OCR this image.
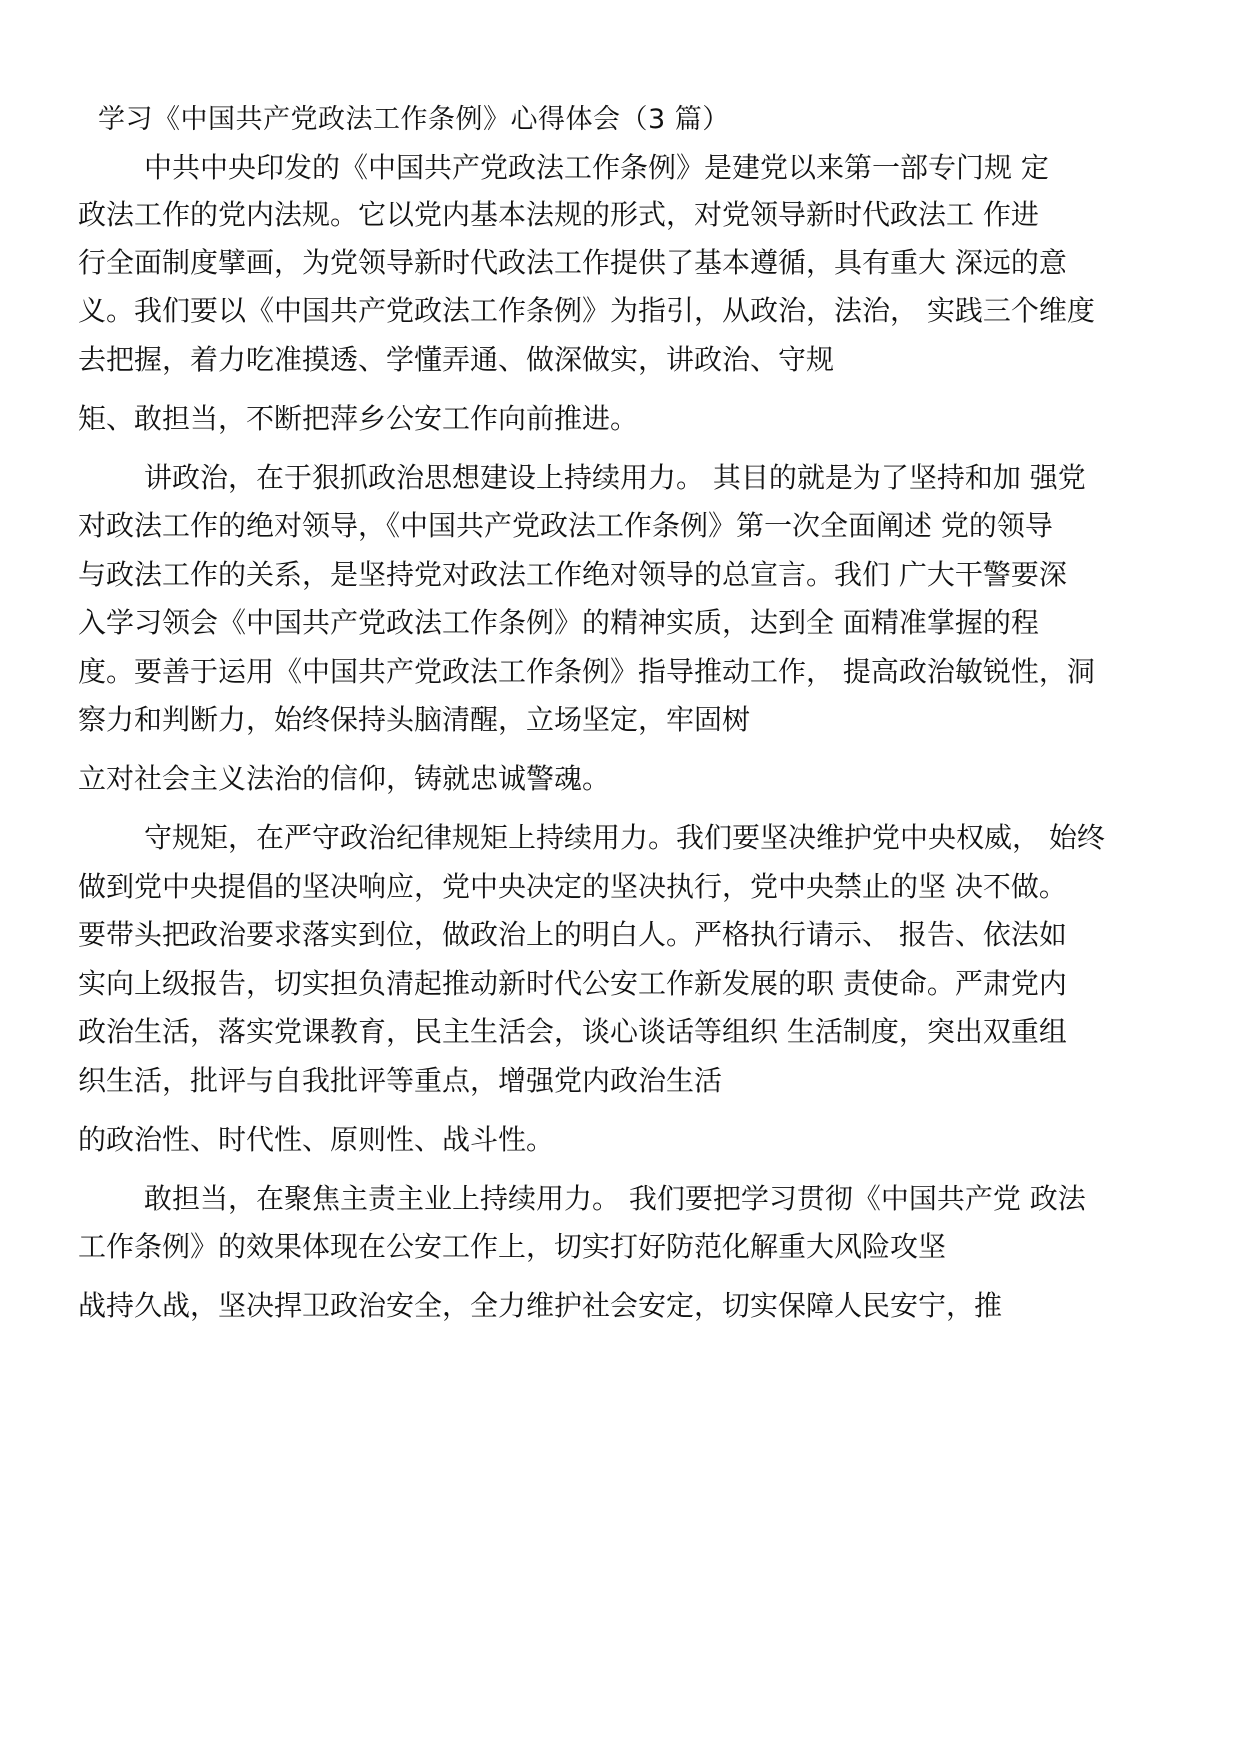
学习《中国共产党政法工作条例》心得体会（3 篇）
中共中央印发的《中国共产党政法工作条例》是建党以来第一部专门规 定
政法工作的党内法规。它以党内基本法规的形式，对党领导新时代政法工 作进
行全面制度擘画，为党领导新时代政法工作提供了基本遵循，具有重大 深远的意
义。我们要以《中国共产党政法工作条例》为指引，从政治，法治， 实践三个维度
去把握，着力吃准摸透、学懂弄通、做深做实，讲政治、守规
矩、敢担当，不断把萍乡公安工作向前推进。
讲政治，在于狠抓政治思想建设上持续用力。 其目的就是为了坚持和加 强党
对政法工作的绝对领导，《中国共产党政法工作条例》第一次全面阐述 党的领导
与政法工作的关系，是坚持党对政法工作绝对领导的总宣言。我们 广大干警要深
入学习领会《中国共产党政法工作条例》的精神实质，达到全 面精准掌握的程
度。要善于运用《中国共产党政法工作条例》指导推动工作， 提高政治敏锐性，洞
察力和判断力，始终保持头脑清醒，立场坚定，牢固树
立对社会主义法治的信仰，铸就忠诚警魂。
守规矩，在严守政治纪律规矩上持续用力。我们要坚决维护党中央权威， 始终
做到党中央提倡的坚决响应，党中央决定的坚决执行，党中央禁止的坚 决不做。
要带头把政治要求落实到位，做政治上的明白人。严格执行请示、 报告、依法如
实向上级报告，切实担负清起推动新时代公安工作新发展的职 责使命。严肃党内
政治生活，落实党课教育，民主生活会，谈心谈话等组织 生活制度，突出双重组
织生活，批评与自我批评等重点，增强党内政治生活
的政治性、时代性、原则性、战斗性。
敢担当，在聚焦主责主业上持续用力。 我们要把学习贯彻《中国共产党 政法
工作条例》的效果体现在公安工作上，切实打好防范化解重大风险攻坚
战持久战，坚决捍卫政治安全，全力维护社会安定，切实保障人民安宁，推
